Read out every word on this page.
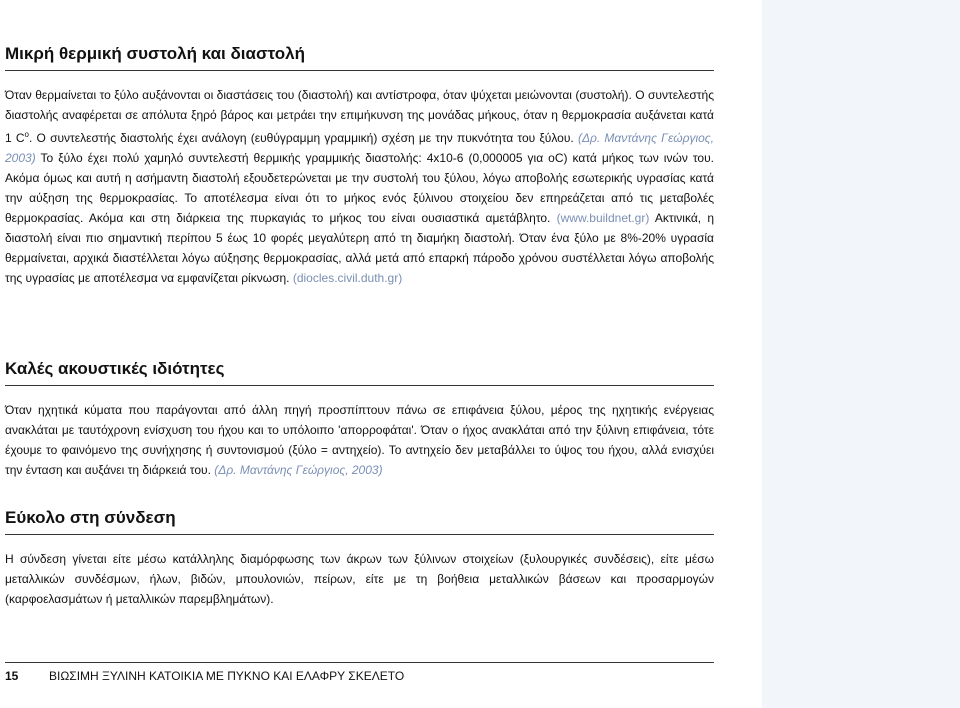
Μικρή θερμική συστολή και διαστολή
Όταν θερμαίνεται το ξύλο αυξάνονται οι διαστάσεις του (διαστολή) και αντίστροφα, όταν ψύχεται μειώνονται (συστολή). Ο συντελεστής διαστολής αναφέρεται σε απόλυτα ξηρό βάρος και μετράει την επιμήκυνση της μονάδας μήκους, όταν η θερμοκρασία αυξάνεται κατά 1 $C^o$. Ο συντελεστής διαστολής έχει ανάλογη (ευθύγραμμη γραμμική) σχέση με την πυκνότητα του ξύλου. (Δρ. Μαντάνης Γεώργιος, 2003) Το ξύλο έχει πολύ χαμηλό συντελεστή θερμικής γραμμικής διαστολής: 4x10-6 (0,000005 για oC) κατά μήκος των ινών του. Ακόμα όμως και αυτή η ασήμαντη διαστολή εξουδετερώνεται με την συστολή του ξύλου, λόγω αποβολής εσωτερικής υγρασίας κατά την αύξηση της θερμοκρασίας. Το αποτέλεσμα είναι ότι το μήκος ενός ξύλινου στοιχείου δεν επηρεάζεται από τις μεταβολές θερμοκρασίας. Ακόμα και στη διάρκεια της πυρκαγιάς το μήκος του είναι ουσιαστικά αμετάβλητο. (www.buildnet.gr) Ακτινικά, η διαστολή είναι πιο σημαντική περίπου 5 έως 10 φορές μεγαλύτερη από τη διαμήκη διαστολή. Όταν ένα ξύλο με 8%-20% υγρασία θερμαίνεται, αρχικά διαστέλλεται λόγω αύξησης θερμοκρασίας, αλλά μετά από επαρκή πάροδο χρόνου συστέλλεται λόγω αποβολής της υγρασίας με αποτέλεσμα να εμφανίζεται ρίκνωση. (diocles.civil.duth.gr)
Καλές ακουστικές ιδιότητες
Όταν ηχητικά κύματα που παράγονται από άλλη πηγή προσπίπτουν πάνω σε επιφάνεια ξύλου, μέρος της ηχητικής ενέργειας ανακλάται με ταυτόχρονη ενίσχυση του ήχου και το υπόλοιπο 'απορροφάται'. Όταν ο ήχος ανακλάται από την ξύλινη επιφάνεια, τότε έχουμε το φαινόμενο της συνήχησης ή συντονισμού (ξύλο = αντηχείο). Το αντηχείο δεν μεταβάλλει το ύψος του ήχου, αλλά ενισχύει την ένταση και αυξάνει τη διάρκειά του. (Δρ. Μαντάνης Γεώργιος, 2003)
Εύκολο στη σύνδεση
Η σύνδεση γίνεται είτε μέσω κατάλληλης διαμόρφωσης των άκρων των ξύλινων στοιχείων (ξυλουργικές συνδέσεις), είτε μέσω μεταλλικών συνδέσμων, ήλων, βιδών, μπουλονιών, πείρων, είτε με τη βοήθεια μεταλλικών βάσεων και προσαρμογών (καρφοελασμάτων ή μεταλλικών παρεμβλημάτων).
15	ΒΙΩΣΙΜΗ ΞΥΛΙΝΗ ΚΑΤΟΙΚΙΑ ΜΕ ΠΥΚΝΟ ΚΑΙ ΕΛΑΦΡΥ ΣΚΕΛΕΤΟ
